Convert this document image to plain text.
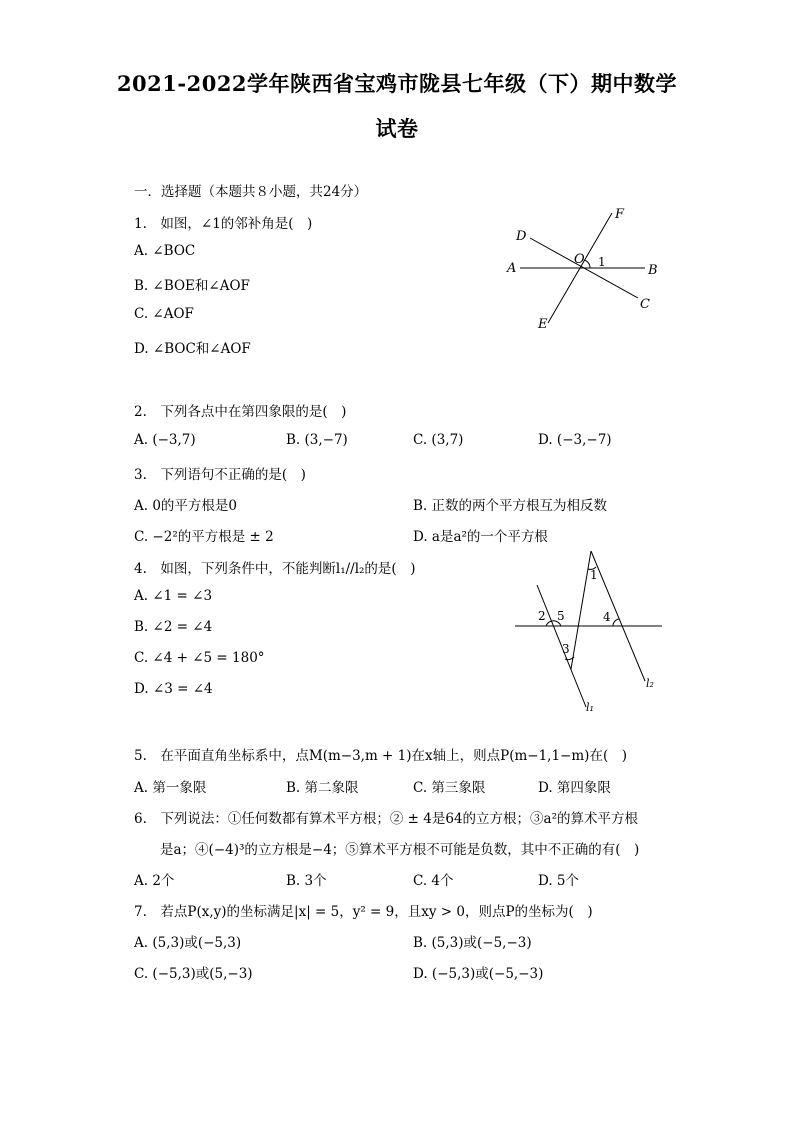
2021-2022学年陕西省宝鸡市陇县七年级（下）期中数学
试卷
一．选择题（本题共８小题，共24分）
1.　如图，∠1的邻补角是(　)
A. ∠BOC
B. ∠BOE和∠AOF
C. ∠AOF
D. ∠BOC和∠AOF
A	B
C
D
E
F
O 1
2.　下列各点中在第四象限的是(　)
A. (−3,7)	B. (3,−7)	C. (3,7)	D. (−3,−7)
3.　下列语句不正确的是(　)
A. 0的平方根是0	B. 正数的两个平方根互为相反数
C. −2²的平方根是 ± 2	D. a是a²的一个平方根
4.　如图，下列条件中，不能判断l₁//l₂的是(　)
A. ∠1 = ∠3
B. ∠2 = ∠4
C. ∠4 + ∠5 = 180°
D. ∠3 = ∠4
1
2
3
4
5
l₁
l₂
5.　在平面直角坐标系中，点M(m−3,m + 1)在x轴上，则点P(m−1,1−m)在(　)
A. 第一象限	B. 第二象限	C. 第三象限	D. 第四象限
6.　下列说法：①任何数都有算术平方根；② ± 4是64的立方根；③a²的算术平方根
是a；④(−4)³的立方根是−4；⑤算术平方根不可能是负数，其中不正确的有(　)
A. 2个	B. 3个	C. 4个	D. 5个
7.　若点P(x,y)的坐标满足|x| = 5，y² = 9，且xy > 0，则点P的坐标为(　)
A. (5,3)或(−5,3)	B. (5,3)或(−5,−3)
C. (−5,3)或(5,−3)	D. (−5,3)或(−5,−3)
